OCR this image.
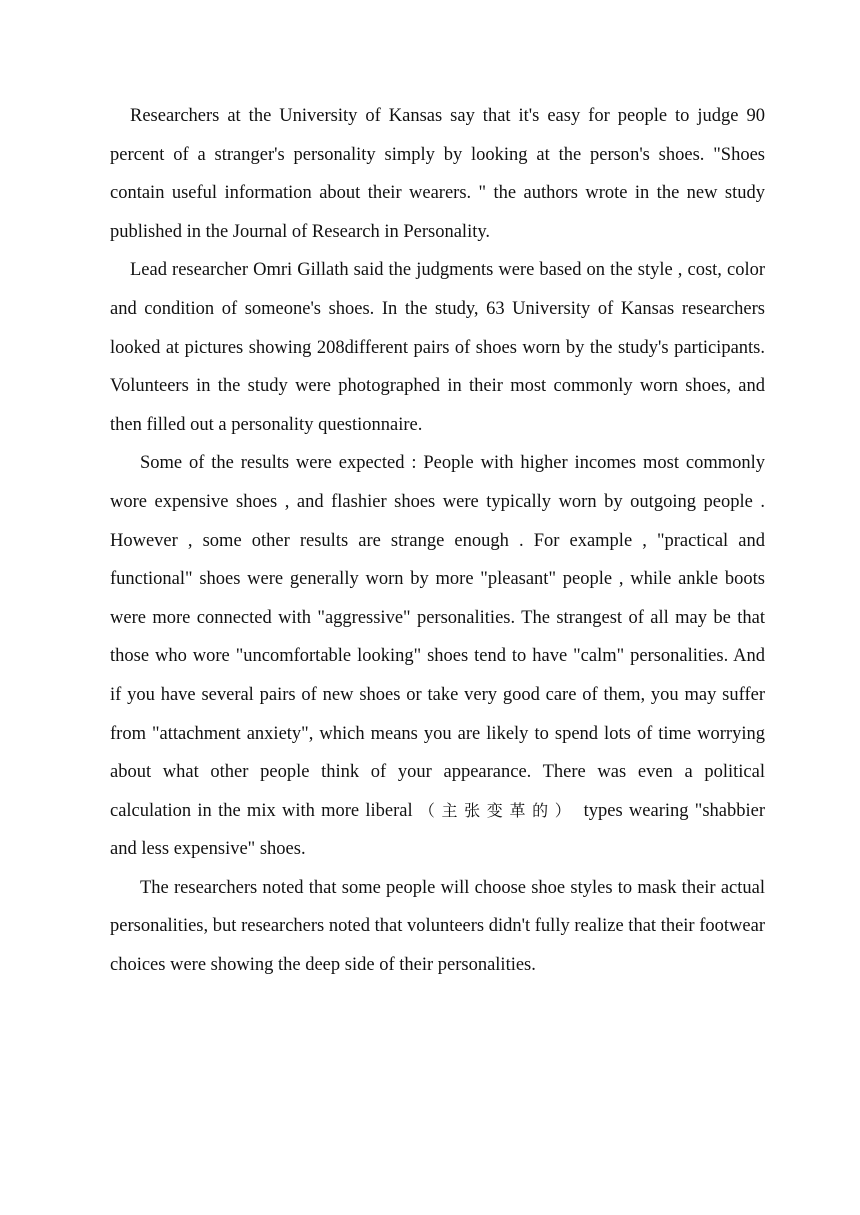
Researchers at the University of Kansas say that it's easy for people to judge 90 percent of a stranger's personality simply by looking at the person's shoes. "Shoes contain useful information about their wearers. " the authors wrote in the new study published in the Journal of Research in Personality.

Lead researcher Omri Gillath said the judgments were based on the style , cost, color and condition of someone's shoes. In the study, 63 University of Kansas researchers looked at pictures showing 208different pairs of shoes worn by the study's participants. Volunteers in the study were photographed in their most commonly worn shoes, and then filled out a personality questionnaire.

Some of the results were expected : People with higher incomes most commonly wore expensive shoes , and flashier shoes were typically worn by outgoing people . However , some other results are strange enough . For example , "practical and functional" shoes were generally worn by more "pleasant" people , while ankle boots were more connected with "aggressive" personalities. The strangest of all may be that those who wore "uncomfortable looking" shoes tend to have "calm" personalities. And if you have several pairs of new shoes or take very good care of them, you may suffer from "attachment anxiety", which means you are likely to spend lots of time worrying about what other people think of your appearance. There was even a political calculation in the mix with more liberal （主张变革的） types wearing "shabbier and less expensive" shoes.

The researchers noted that some people will choose shoe styles to mask their actual personalities, but researchers noted that volunteers didn't fully realize that their footwear choices were showing the deep side of their personalities.
